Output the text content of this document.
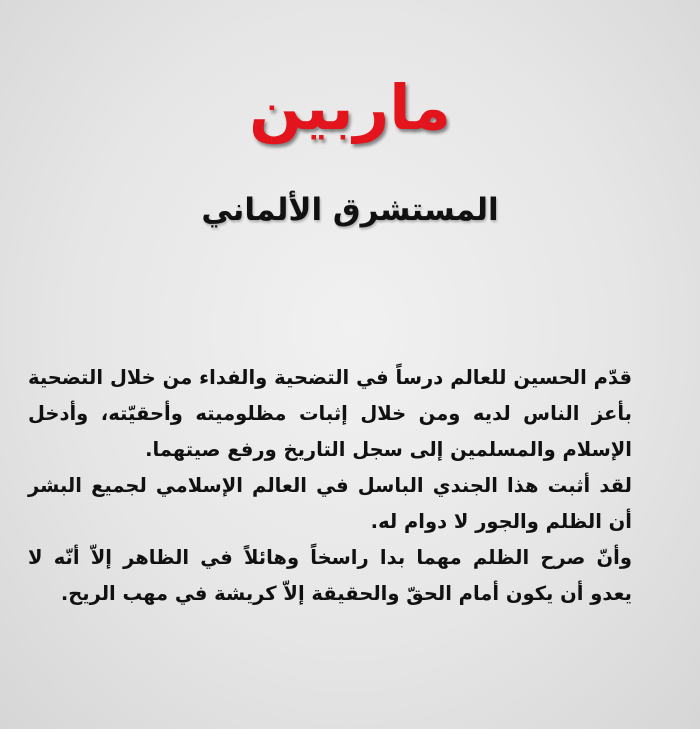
ماربين
المستشرق الألماني

قدّم الحسين للعالم درساً في التضحية والفداء من خلال التضحية بأعز الناس لديه ومن خلال إثبات مظلوميته وأحقيّته، وأدخل الإسلام والمسلمين إلى سجل التاريخ ورفع صيتهما.

لقد أثبت هذا الجندي الباسل في العالم الإسلامي لجميع البشر أن الظلم والجور لا دوام له.

وأنّ صرح الظلم مهما بدا راسخاً وهائلاً في الظاهر إلاّ أنّه لا يعدو أن يكون أمام الحقّ والحقيقة إلاّ كريشة في مهب الريح.
